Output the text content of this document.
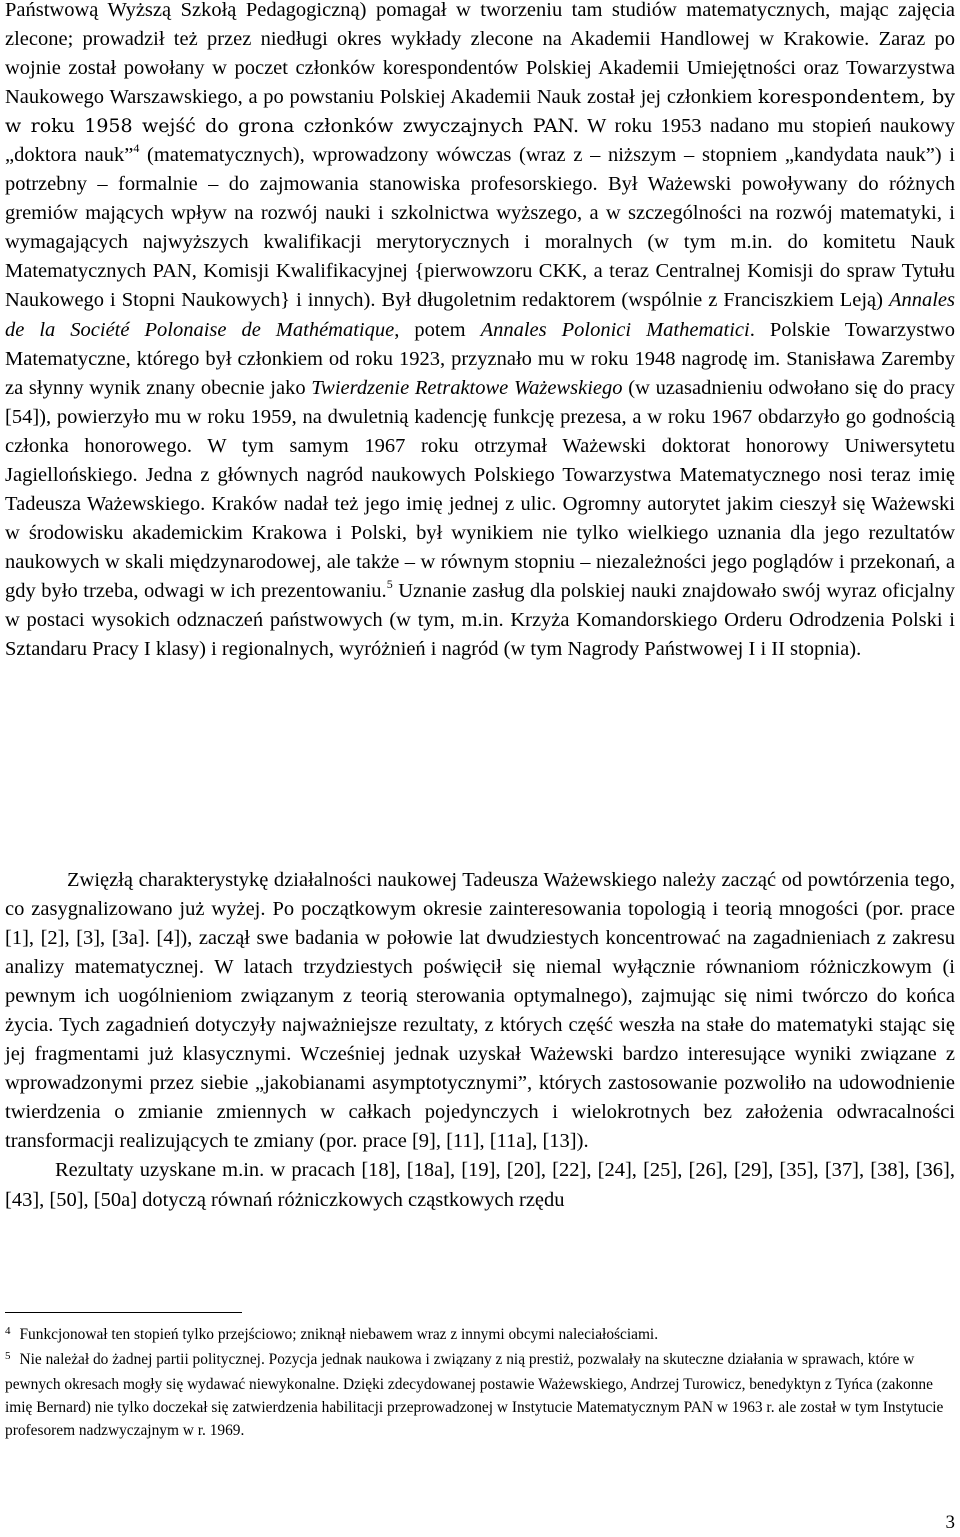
Państwową Wyższą Szkołą Pedagogiczną) pomagał w tworzeniu tam studiów matematycznych, mając zajęcia zlecone; prowadził też przez niedługi okres wykłady zlecone na Akademii Handlowej w Krakowie. Zaraz po wojnie został powołany w poczet członków korespondentów Polskiej Akademii Umiejętności oraz Towarzystwa Naukowego Warszawskiego, a po powstaniu Polskiej Akademii Nauk został jej członkiem korespondentem, by w roku 1958 wejść do grona członków zwyczajnych PAN. W roku 1953 nadano mu stopień naukowy „doktora nauk”$^4$ (matematycznych), wprowadzony wówczas (wraz z – niższym – stopniem „kandydata nauk”) i potrzebny – formalnie – do zajmowania stanowiska profesorskiego. Był Ważewski powoływany do różnych gremiów mających wpływ na rozwój nauki i szkolnictwa wyższego, a w szczególności na rozwój matematyki, i wymagających najwyższych kwalifikacji merytorycznych i moralnych (w tym m.in. do komitetu Nauk Matematycznych PAN, Komisji Kwalifikacyjnej {pierwowzoru CKK, a teraz Centralnej Komisji do spraw Tytułu Naukowego i Stopni Naukowych} i innych). Był długoletnim redaktorem (wspólnie z Franciszkiem Leją) Annales de la Société Polonaise de Mathématique, potem Annales Polonici Mathematici. Polskie Towarzystwo Matematyczne, którego był członkiem od roku 1923, przyznało mu w roku 1948 nagrodę im. Stanisława Zaremby za słynny wynik znany obecnie jako Twierdzenie Retraktowe Ważewskiego (w uzasadnieniu odwołano się do pracy [54]), powierzyło mu w roku 1959, na dwuletnią kadencję funkcję prezesa, a w roku 1967 obdarzyło go godnością członka honorowego. W tym samym 1967 roku otrzymał Ważewski doktorat honorowy Uniwersytetu Jagiellońskiego. Jedna z głównych nagród naukowych Polskiego Towarzystwa Matematycznego nosi teraz imię Tadeusza Ważewskiego. Kraków nadał też jego imię jednej z ulic. Ogromny autorytet jakim cieszył się Ważewski w środowisku akademickim Krakowa i Polski, był wynikiem nie tylko wielkiego uznania dla jego rezultatów naukowych w skali międzynarodowej, ale także – w równym stopniu – niezależności jego poglądów i przekonań, a gdy było trzeba, odwagi w ich prezentowaniu.$^5$ Uznanie zasług dla polskiej nauki znajdowało swój wyraz oficjalny w postaci wysokich odznaczeń państwowych (w tym, m.in. Krzyża Komandorskiego Orderu Odrodzenia Polski i Sztandaru Pracy I klasy) i regionalnych, wyróżnień i nagród (w tym Nagrody Państwowej I i II stopnia).

Zwięzłą charakterystykę działalności naukowej Tadeusza Ważewskiego należy zacząć od powtórzenia tego, co zasygnalizowano już wyżej. Po początkowym okresie zainteresowania topologią i teorią mnogości (por. prace [1], [2], [3], [3a]. [4]), zaczął swe badania w połowie lat dwudziestych koncentrować na zagadnieniach z zakresu analizy matematycznej. W latach trzydziestych poświęcił się niemal wyłącznie równaniom różniczkowym (i pewnym ich uogólnieniom związanym z teorią sterowania optymalnego), zajmując się nimi twórczo do końca życia. Tych zagadnień dotyczyły najważniejsze rezultaty, z których część weszła na stałe do matematyki stając się jej fragmentami już klasycznymi. Wcześniej jednak uzyskał Ważewski bardzo interesujące wyniki związane z wprowadzonymi przez siebie „jakobianami asymptotycznymi”, których zastosowanie pozwoliło na udowodnienie twierdzenia o zmianie zmiennych w całkach pojedynczych i wielokrotnych bez założenia odwracalności transformacji realizujących te zmiany (por. prace [9], [11], [11a], [13]).

Rezultaty uzyskane m.in. w pracach [18], [18a], [19], [20], [22], [24], [25], [26], [29], [35], [37], [38], [36], [43], [50], [50a] dotyczą równań różniczkowych cząstkowych rzędu

$^4$ Funkcjonował ten stopień tylko przejściowo; zniknął niebawem wraz z innymi obcymi naleciałościami.

$^5$ Nie należał do żadnej partii politycznej. Pozycja jednak naukowa i związany z nią prestiż, pozwalały na skuteczne działania w sprawach, które w pewnych okresach mogły się wydawać niewykonalne. Dzięki zdecydowanej postawie Ważewskiego, Andrzej Turowicz, benedyktyn z Tyńca (zakonne imię Bernard) nie tylko doczekał się zatwierdzenia habilitacji przeprowadzonej w Instytucie Matematycznym PAN w 1963 r. ale został w tym Instytucie profesorem nadzwyczajnym w r. 1969.

3
